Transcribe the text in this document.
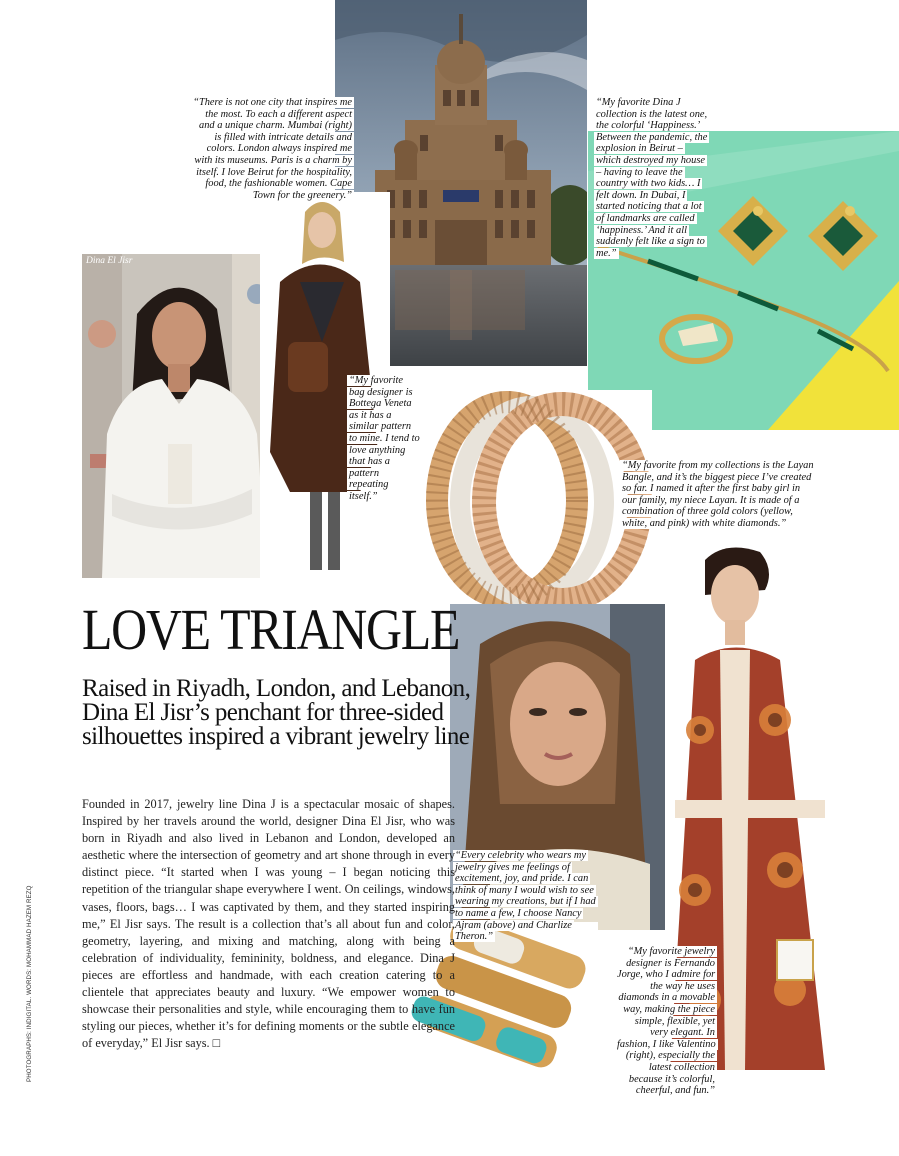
Dina El Jisr

“There is not one city that inspires me the most. To each a different aspect and a unique charm. Mumbai (right) is filled with intricate details and colors. London always inspired me with its museums. Paris is a charm by itself. I love Beirut for the hospitality, food, the fashionable women. Cape Town for the greenery.”

“My favorite Dina J collection is the latest one, the colorful ‘Happiness.’ Between the pandemic, the explosion in Beirut – which destroyed my house – having to leave the country with two kids… I felt down. In Dubai, I started noticing that a lot of landmarks are called ‘happiness.’ And it all suddenly felt like a sign to me.”

“My favorite bag designer is Bottega Veneta as it has a similar pattern to mine. I tend to love anything that has a pattern repeating itself.”

“My favorite from my collections is the Layan Bangle, and it’s the biggest piece I’ve created so far. I named it after the first baby girl in our family, my niece Layan. It is made of a combination of three gold colors (yellow, white, and pink) with white diamonds.”

“Every celebrity who wears my jewelry gives me feelings of excitement, joy, and pride. I can think of many I would wish to see wearing my creations, but if I had to name a few, I choose Nancy Ajram (above) and Charlize Theron.”

“My favorite jewelry designer is Fernando Jorge, who I admire for the way he uses diamonds in a movable way, making the piece simple, flexible, yet very elegant. In fashion, I like Valentino (right), especially the latest collection because it’s colorful, cheerful, and fun.”

LOVE TRIANGLE
Raised in Riyadh, London, and Lebanon, Dina El Jisr’s penchant for three-sided silhouettes inspired a vibrant jewelry line

Founded in 2017, jewelry line Dina J is a spectacular mosaic of shapes. Inspired by her travels around the world, designer Dina El Jisr, who was born in Riyadh and also lived in Lebanon and London, developed an aesthetic where the intersection of geometry and art shone through in every distinct piece. “It started when I was young – I began noticing this repetition of the triangular shape everywhere I went. On ceilings, windows, vases, floors, bags… I was captivated by them, and they started inspiring me,” El Jisr says. The result is a collection that’s all about fun and color, geometry, layering, and mixing and matching, along with being a celebration of individuality, femininity, boldness, and elegance. Dina J pieces are effortless and handmade, with each creation catering to a clientele that appreciates beauty and luxury. “We empower women to showcase their personalities and style, while encouraging them to have fun styling our pieces, whether it’s for defining moments or the subtle elegance of everyday,” El Jisr says. □

PHOTOGRAPHS: INDIGITAL. WORDS: MOHAMMAD HAZEM REZQ
